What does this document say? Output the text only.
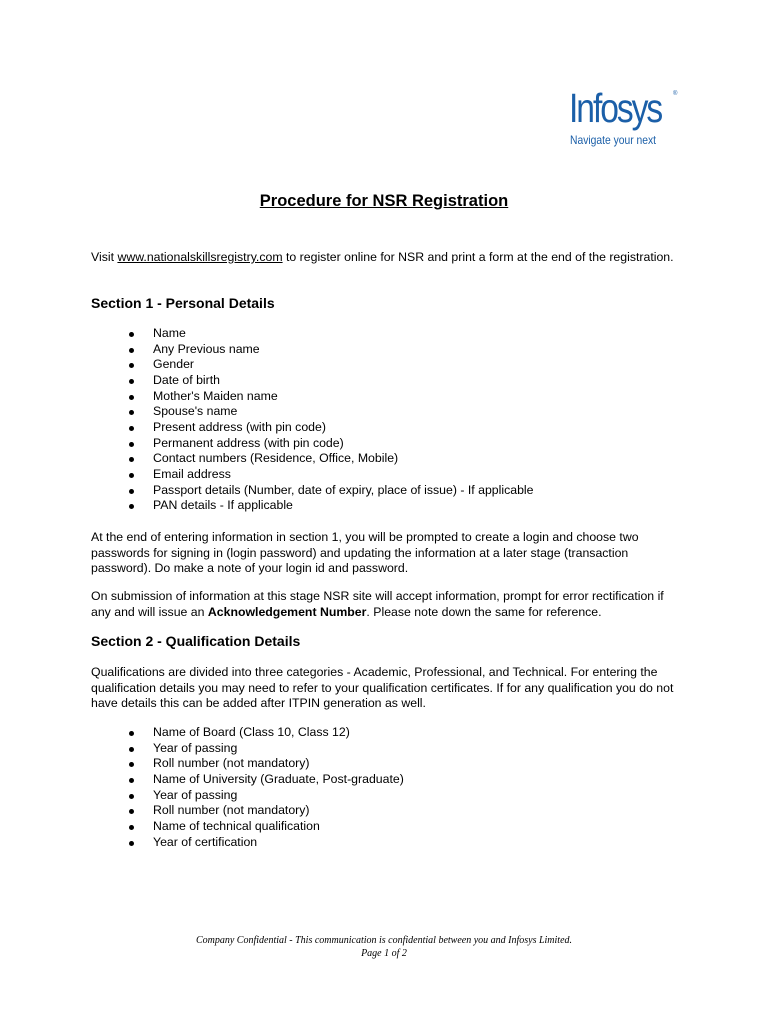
Infosys	®
Navigate your next
Procedure for NSR Registration

Visit www.nationalskillsregistry.com to register online for NSR and print a form at the end of the registration.

Section 1 - Personal Details
Name
Any Previous name
Gender
Date of birth
Mother's Maiden name
Spouse's name
Present address (with pin code)
Permanent address (with pin code)
Contact numbers (Residence, Office, Mobile)
Email address
Passport details (Number, date of expiry, place of issue) - If applicable
PAN details - If applicable

At the end of entering information in section 1, you will be prompted to create a login and choose two passwords for signing in (login password) and updating the information at a later stage (transaction password). Do make a note of your login id and password.

On submission of information at this stage NSR site will accept information, prompt for error rectification if any and will issue an Acknowledgement Number. Please note down the same for reference.

Section 2 - Qualification Details

Qualifications are divided into three categories - Academic, Professional, and Technical. For entering the qualification details you may need to refer to your qualification certificates. If for any qualification you do not have details this can be added after ITPIN generation as well.

Name of Board (Class 10, Class 12)
Year of passing
Roll number (not mandatory)
Name of University (Graduate, Post-graduate)
Year of passing
Roll number (not mandatory)
Name of technical qualification
Year of certification
Company Confidential - This communication is confidential between you and Infosys Limited.
Page 1 of 2
